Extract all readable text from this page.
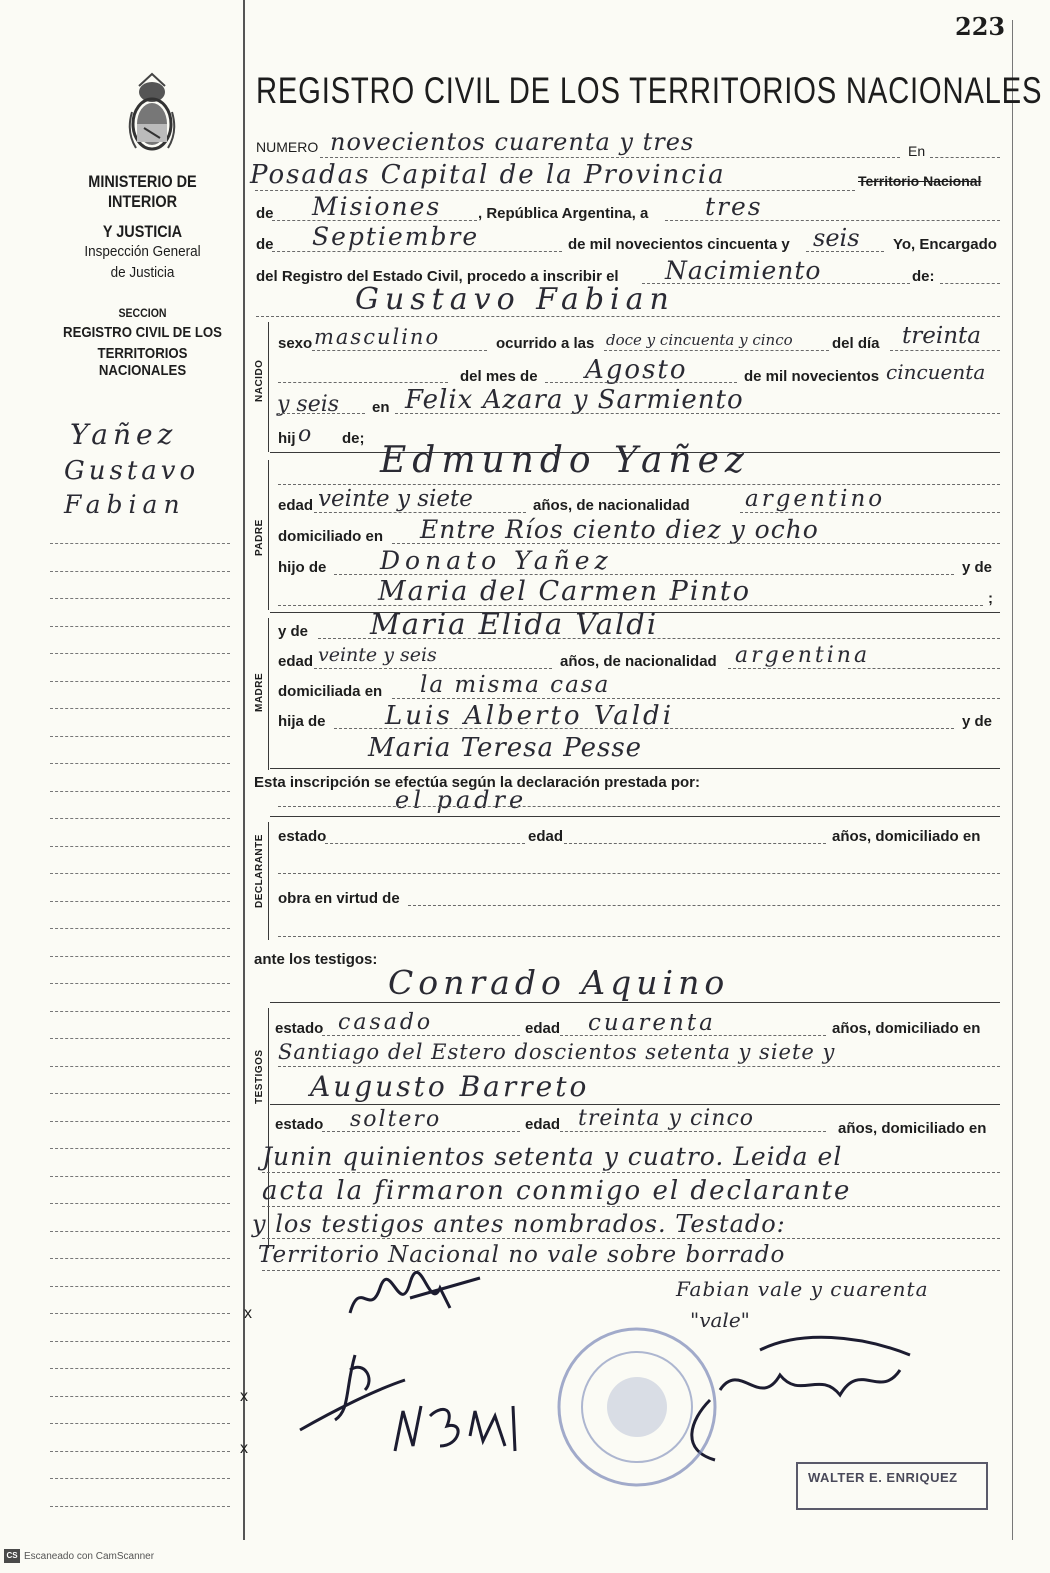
223
MINISTERIO DE INTERIOR
Y JUSTICIA
Inspección General
de Justicia
SECCION
REGISTRO CIVIL DE LOS
TERRITORIOS NACIONALES
Yañez
Gustavo
Fabian
REGISTRO CIVIL DE LOS TERRITORIOS NACIONALES
NUMERO novecientos cuarenta y tres	En
Posadas Capital de la Provincia	Territorio Nacional
de Misiones , República Argentina, a tres
de Septiembre	de mil novecientos cincuenta y seis Yo, Encargado
del Registro del Estado Civil, procedo a inscribir el Nacimiento	de:
Gustavo Fabian
NACIDO
sexo masculino	ocurrido a las doce y cincuenta y cinco	del día treinta
del mes de Agosto	de mil novecientos cincuenta
y seis en Felix Azara y Sarmiento
hij o de;
Edmundo Yañez
PADRE
edad veinte y siete	años, de nacionalidad argentino
domiciliado en Entre Ríos ciento diez y ocho
hijo de Donato Yañez	y de
Maria del Carmen Pinto	;
MADRE
y de Maria Elida Valdi
edad veinte y seis	años, de nacionalidad argentina
domiciliada en la misma casa
hija de Luis Alberto Valdi	y de
Maria Teresa Pesse
Esta inscripción se efectúa según la declaración prestada por:
el padre
DECLARANTE estado	edad	años, domiciliado en
obra en virtud de
ante los testigos:
Conrado Aquino
TESTIGOS
estado casado	edad cuarenta	años, domiciliado en
Santiago del Estero doscientos setenta y siete y
Augusto Barreto
estado soltero	edad treinta y cinco	años, domiciliado en
Junin quinientos setenta y cuatro. Leida el
acta la firmaron conmigo el declarante
y los testigos antes nombrados. Testado:
Territorio Nacional no vale sobre borrado
Fabian vale y cuarenta
"vale"
x
x
x
WALTER E. ENRIQUEZ
CS Escaneado con CamScanner
